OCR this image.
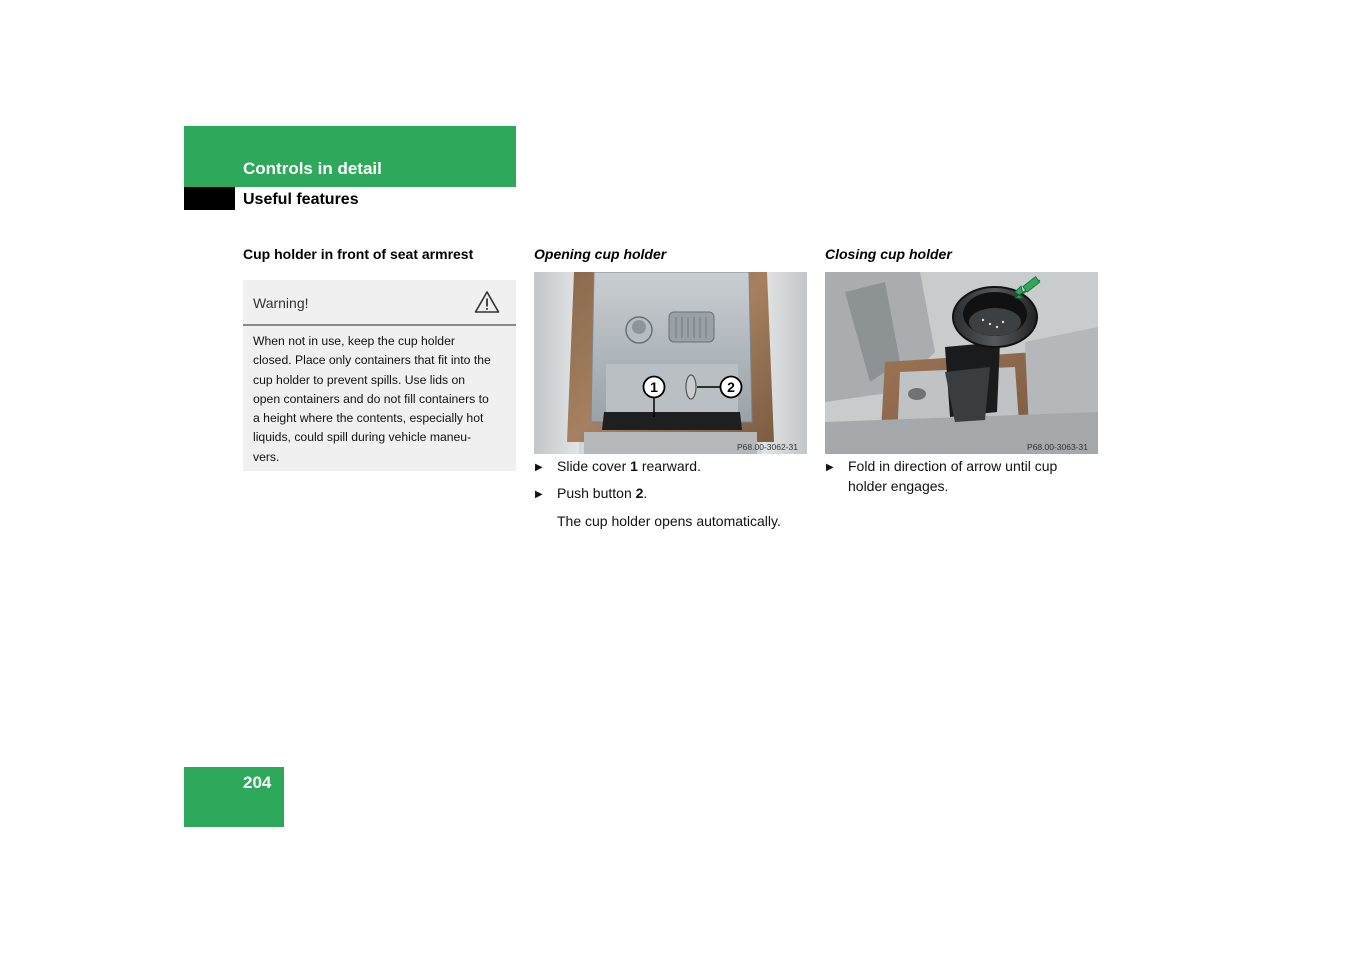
Controls in detail
Useful features
Cup holder in front of seat armrest	Opening cup holder	Closing cup holder
Warning!
When not in use, keep the cup holder
closed. Place only containers that fit into the
cup holder to prevent spills. Use lids on
open containers and do not fill containers to
a height where the contents, especially hot
liquids, could spill during vehicle maneu-
vers.
1	2
P68.00-3062-31	P68.00-3063-31
▶ Slide cover 1 rearward.
▶ Push button 2.
The cup holder opens automatically.
▶ Fold in direction of arrow until cup
holder engages.
204
